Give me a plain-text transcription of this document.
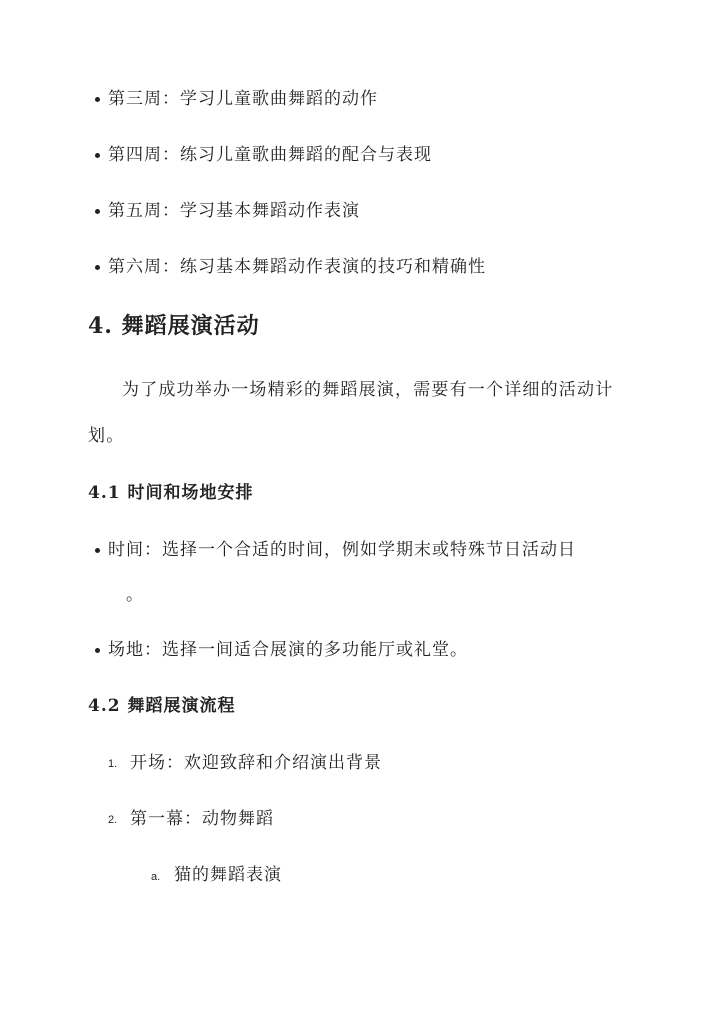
第三周：学习儿童歌曲舞蹈的动作
第四周：练习儿童歌曲舞蹈的配合与表现
第五周：学习基本舞蹈动作表演
第六周：练习基本舞蹈动作表演的技巧和精确性
4. 舞蹈展演活动
为了成功举办一场精彩的舞蹈展演，需要有一个详细的活动计
划。
4.1 时间和场地安排
时间：选择一个合适的时间，例如学期末或特殊节日活动日
。
场地：选择一间适合展演的多功能厅或礼堂。
4.2 舞蹈展演流程
1. 开场：欢迎致辞和介绍演出背景
2. 第一幕：动物舞蹈
a. 猫的舞蹈表演
